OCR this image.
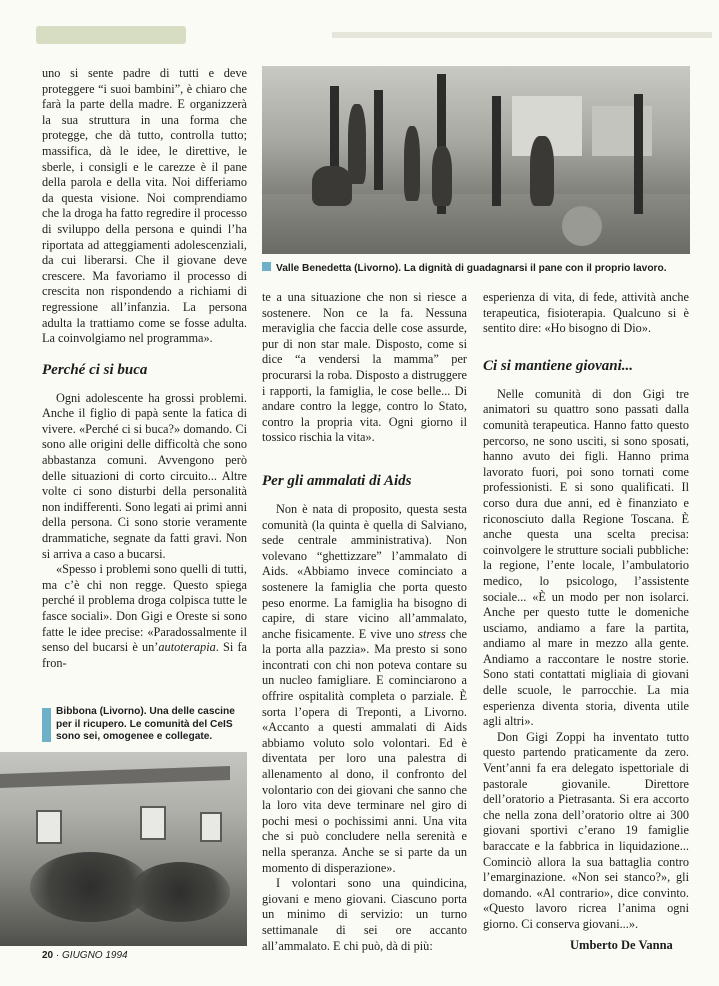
uno si sente padre di tutti e deve proteggere “i suoi bambini”, è chiaro che farà la parte della madre. E organizzerà la sua struttura in una forma che protegge, che dà tutto, controlla tutto; massifica, dà le idee, le direttive, le sberle, i consigli e le carezze è il pane della parola e della vita. Noi differiamo da questa visione. Noi comprendiamo che la droga ha fatto regredire il processo di sviluppo della persona e quindi l’ha riportata ad atteggiamenti adolescenziali, da cui liberarsi. Che il giovane deve crescere. Ma favoriamo il processo di crescita non rispondendo a richiami di regressione all’infanzia. La persona adulta la trattiamo come se fosse adulta. La coinvolgiamo nel programma».

Perché ci si buca

Ogni adolescente ha grossi problemi. Anche il figlio di papà sente la fatica di vivere. «Perché ci si buca?» domando. Ci sono alle origini delle difficoltà che sono abbastanza comuni. Avvengono però delle situazioni di corto circuito... Altre volte ci sono disturbi della personalità non indifferenti. Sono legati ai primi anni della persona. Ci sono storie veramente drammatiche, segnate da fatti gravi. Non si arriva a caso a bucarsi.

«Spesso i problemi sono quelli di tutti, ma c’è chi non regge. Questo spiega perché il problema droga colpisca tutte le fasce sociali». Don Gigi e Oreste si sono fatte le idee precise: «Paradossalmente il senso del bucarsi è un’autoterapia. Si fa fron-

Valle Benedetta (Livorno). La dignità di guadagnarsi il pane con il proprio lavoro.

te a una situazione che non si riesce a sostenere. Non ce la fa. Nessuna meraviglia che faccia delle cose assurde, pur di non star male. Disposto, come si dice “a vendersi la mamma” per procurarsi la roba. Disposto a distruggere i rapporti, la famiglia, le cose belle... Di andare contro la legge, contro lo Stato, contro la propria vita. Ogni giorno il tossico rischia la vita».

Per gli ammalati di Aids

Non è nata di proposito, questa sesta comunità (la quinta è quella di Salviano, sede centrale amministrativa). Non volevano “ghettizzare” l’ammalato di Aids. «Abbiamo invece cominciato a sostenere la famiglia che porta questo peso enorme. La famiglia ha bisogno di capire, di stare vicino all’ammalato, anche fisicamente. E vive uno stress che la porta alla pazzia». Ma presto si sono incontrati con chi non poteva contare su un nucleo famigliare. E cominciarono a offrire ospitalità completa o parziale. È sorta l’opera di Treponti, a Livorno. «Accanto a questi ammalati di Aids abbiamo voluto solo volontari. Ed è diventata per loro una palestra di allenamento al dono, il confronto del volontario con dei giovani che sanno che la loro vita deve terminare nel giro di pochi mesi o pochissimi anni. Una vita che si può concludere nella serenità e nella speranza. Anche se si parte da un momento di disperazione».

I volontari sono una quindicina, giovani e meno giovani. Ciascuno porta un minimo di servizio: un turno settimanale di sei ore accanto all’ammalato. E chi può, dà di più:

esperienza di vita, di fede, attività anche terapeutica, fisioterapia. Qualcuno si è sentito dire: «Ho bisogno di Dio».

Ci si mantiene giovani...

Nelle comunità di don Gigi tre animatori su quattro sono passati dalla comunità terapeutica. Hanno fatto questo percorso, ne sono usciti, si sono sposati, hanno avuto dei figli. Hanno prima lavorato fuori, poi sono tornati come professionisti. E si sono qualificati. Il corso dura due anni, ed è finanziato e riconosciuto dalla Regione Toscana. È anche questa una scelta precisa: coinvolgere le strutture sociali pubbliche: la regione, l’ente locale, l’ambulatorio medico, lo psicologo, l’assistente sociale... «È un modo per non isolarci. Anche per questo tutte le domeniche usciamo, andiamo a fare la partita, andiamo al mare in mezzo alla gente. Andiamo a raccontare le nostre storie. Sono stati contattati migliaia di giovani delle scuole, le parrocchie. La mia esperienza diventa storia, diventa utile agli altri».

Don Gigi Zoppi ha inventato tutto questo partendo praticamente da zero. Vent’anni fa era delegato ispettoriale di pastorale giovanile. Direttore dell’oratorio a Pietrasanta. Si era accorto che nella zona dell’oratorio oltre ai 300 giovani sportivi c’erano 19 famiglie baraccate e la fabbrica in liquidazione... Cominciò allora la sua battaglia contro l’emarginazione. «Non sei stanco?», gli domando. «Al contrario», dice convinto. «Questo lavoro ricrea l’anima ogni giorno. Ci conserva giovani...».

Bibbona (Livorno). Una delle cascine per il ricupero. Le comunità del CeIS sono sei, omogenee e collegate.
Umberto De Vanna
20 · GIUGNO 1994
